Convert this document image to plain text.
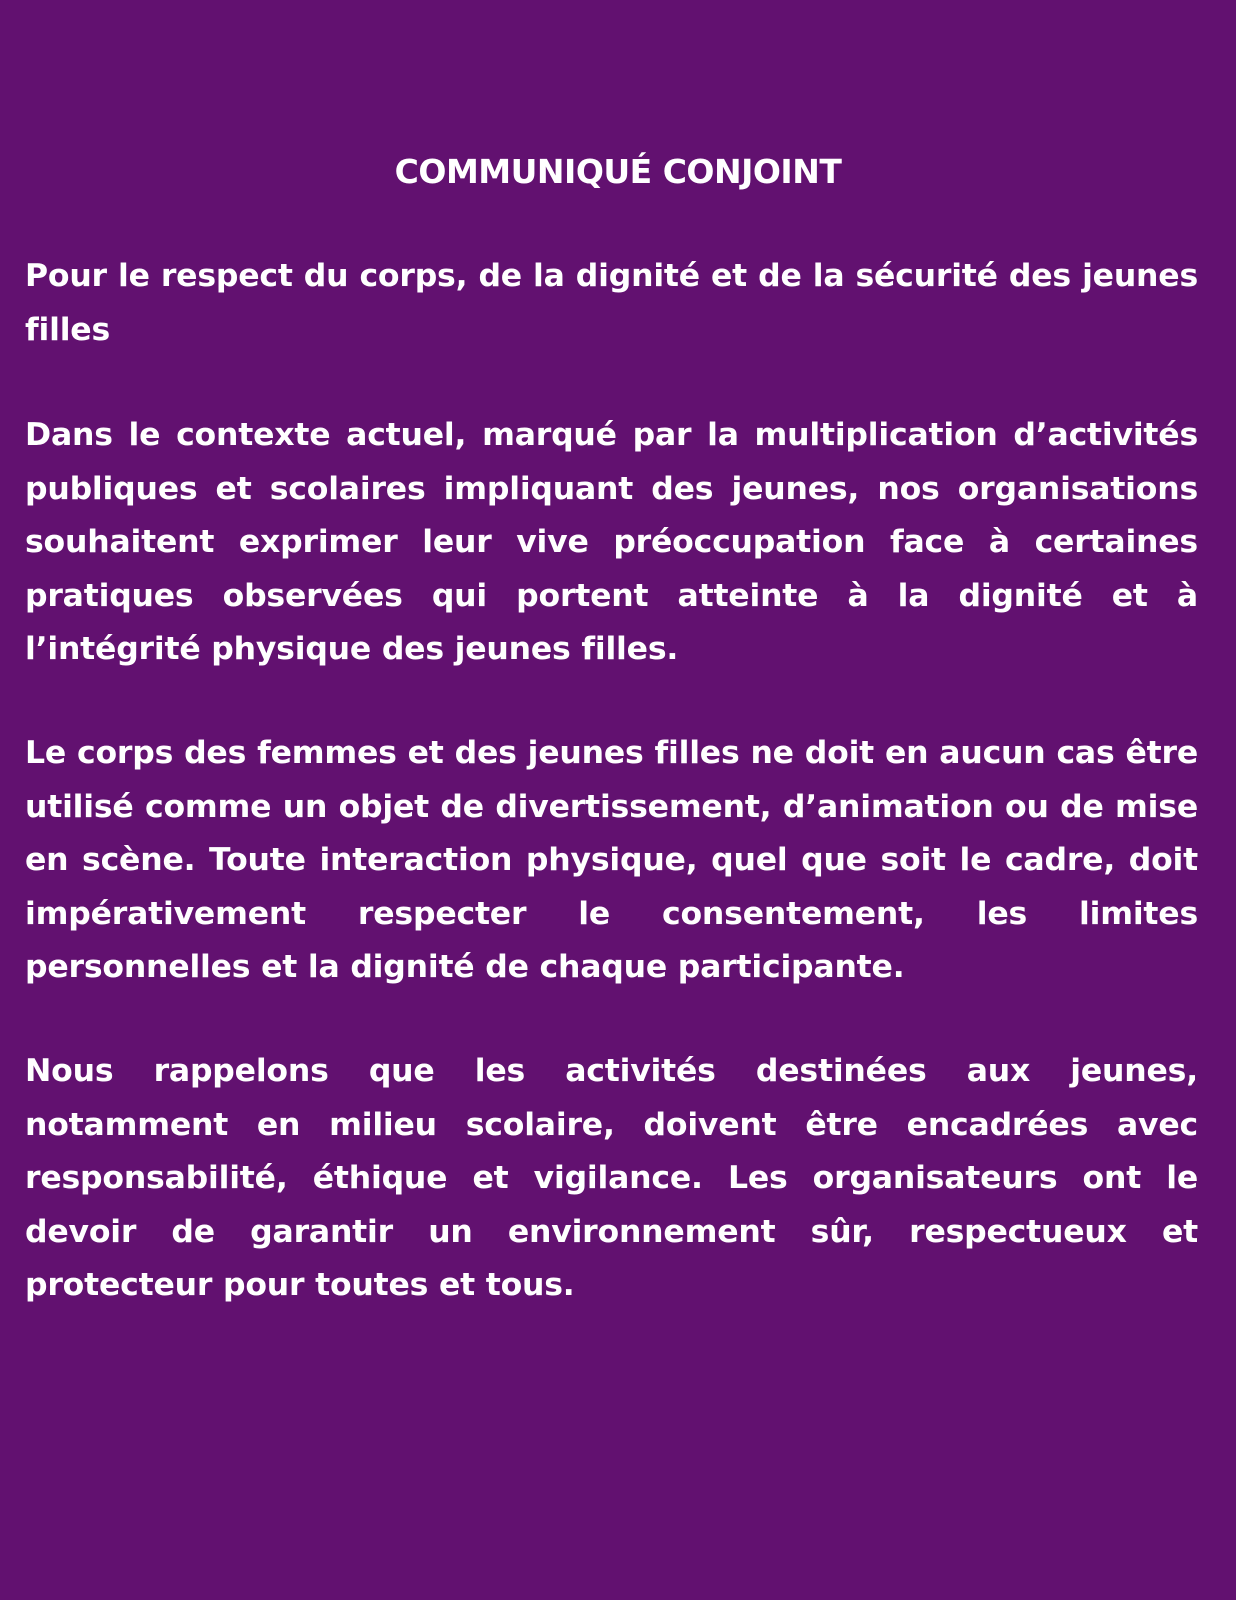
COMMUNIQUÉ CONJOINT

Pour le respect du corps, de la dignité et de la sécurité des jeunes filles

Dans le contexte actuel, marqué par la multiplication d’activités publiques et scolaires impliquant des jeunes, nos organisations souhaitent exprimer leur vive préoccupation face à certaines pratiques observées qui portent atteinte à la dignité et à l’intégrité physique des jeunes filles.

Le corps des femmes et des jeunes filles ne doit en aucun cas être utilisé comme un objet de divertissement, d’animation ou de mise en scène. Toute interaction physique, quel que soit le cadre, doit impérativement respecter le consentement, les limites personnelles et la dignité de chaque participante.

Nous rappelons que les activités destinées aux jeunes, notamment en milieu scolaire, doivent être encadrées avec responsabilité, éthique et vigilance. Les organisateurs ont le devoir de garantir un environnement sûr, respectueux et protecteur pour toutes et tous.
